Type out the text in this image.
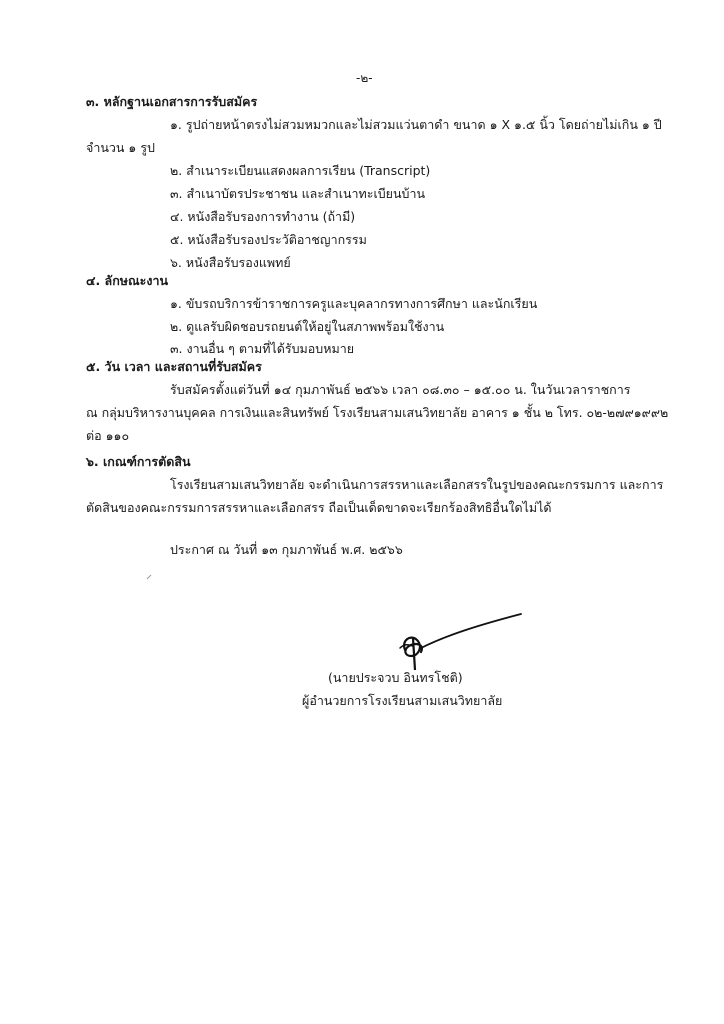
-๒-
๓. หลักฐานเอกสารการรับสมัคร
๑. รูปถ่ายหน้าตรงไม่สวมหมวกและไม่สวมแว่นตาดำ ขนาด ๑ X ๑.๕ นิ้ว โดยถ่ายไม่เกิน ๑ ปี
จำนวน ๑ รูป
๒. สำเนาระเบียนแสดงผลการเรียน (Transcript)
๓. สำเนาบัตรประชาชน และสำเนาทะเบียนบ้าน
๔. หนังสือรับรองการทำงาน (ถ้ามี)
๕. หนังสือรับรองประวัติอาชญากรรม
๖. หนังสือรับรองแพทย์
๔. ลักษณะงาน
๑. ขับรถบริการข้าราชการครูและบุคลากรทางการศึกษา และนักเรียน
๒. ดูแลรับผิดชอบรถยนต์ให้อยู่ในสภาพพร้อมใช้งาน
๓. งานอื่น ๆ ตามที่ได้รับมอบหมาย
๕. วัน เวลา และสถานที่รับสมัคร
รับสมัครตั้งแต่วันที่ ๑๔ กุมภาพันธ์ ๒๕๖๖ เวลา ๐๘.๓๐ – ๑๕.๐๐ น. ในวันเวลาราชการ
ณ กลุ่มบริหารงานบุคคล การเงินและสินทรัพย์ โรงเรียนสามเสนวิทยาลัย อาคาร ๑ ชั้น ๒ โทร. ๐๒-๒๗๙๑๙๙๒
ต่อ ๑๑๐
๖. เกณฑ์การตัดสิน
โรงเรียนสามเสนวิทยาลัย จะดำเนินการสรรหาและเลือกสรรในรูปของคณะกรรมการ และการ
ตัดสินของคณะกรรมการสรรหาและเลือกสรร ถือเป็นเด็ดขาดจะเรียกร้องสิทธิอื่นใดไม่ได้
ประกาศ ณ วันที่ ๑๓ กุมภาพันธ์ พ.ศ. ๒๕๖๖
(นายประจวบ อินทรโชติ)
ผู้อำนวยการโรงเรียนสามเสนวิทยาลัย
